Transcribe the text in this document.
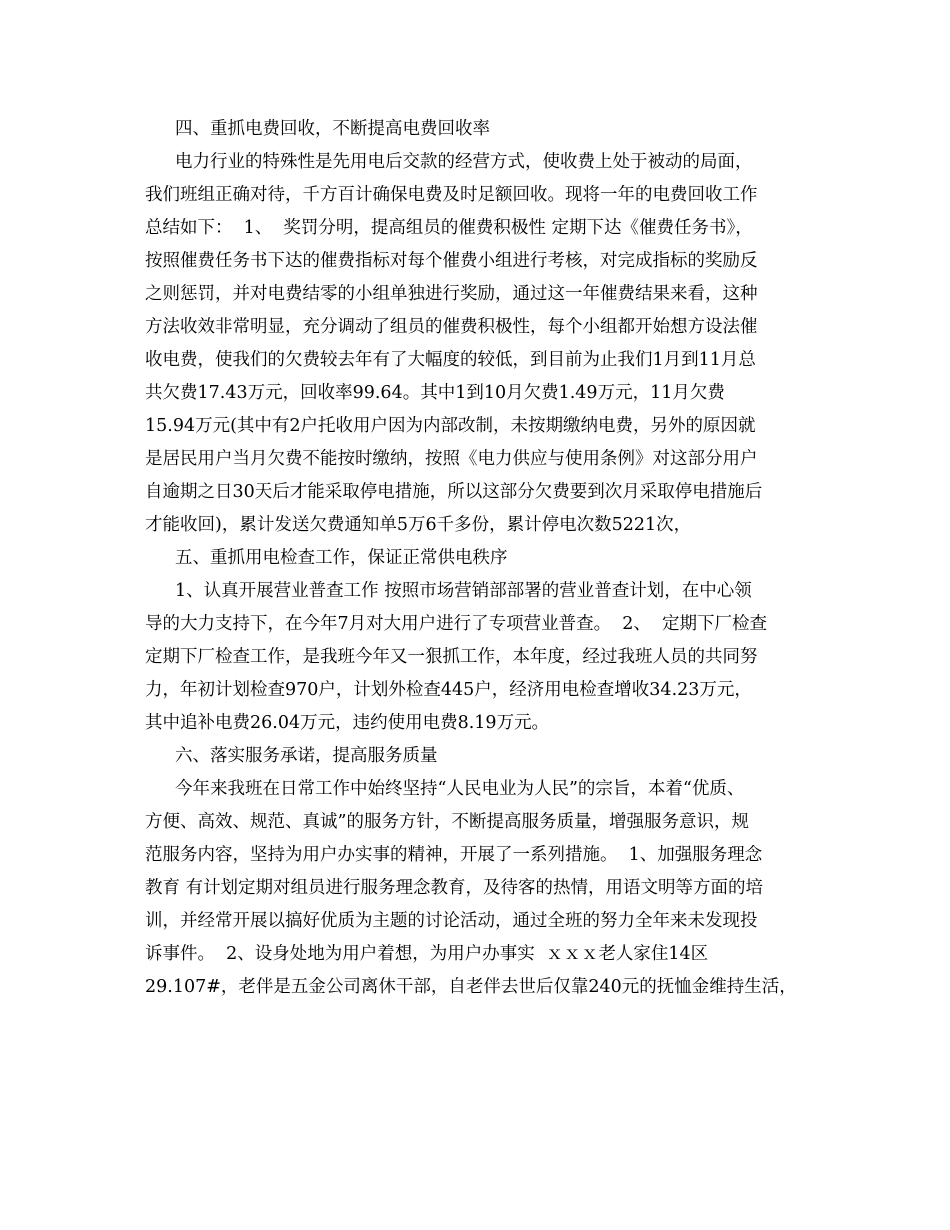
四、重抓电费回收，不断提高电费回收率
电力行业的特殊性是先用电后交款的经营方式，使收费上处于被动的局面，
我们班组正确对待，千方百计确保电费及时足额回收。现将一年的电费回收工作
总结如下：  1、  奖罚分明，提高组员的催费积极性 定期下达《催费任务书》，
按照催费任务书下达的催费指标对每个催费小组进行考核，对完成指标的奖励反
之则惩罚，并对电费结零的小组单独进行奖励，通过这一年催费结果来看，这种
方法收效非常明显，充分调动了组员的催费积极性，每个小组都开始想方设法催
收电费，使我们的欠费较去年有了大幅度的较低，到目前为止我们1月到11月总
共欠费17.43万元，回收率99.64。其中1到10月欠费1.49万元，11月欠费
15.94万元(其中有2户托收用户因为内部改制，未按期缴纳电费，另外的原因就
是居民用户当月欠费不能按时缴纳，按照《电力供应与使用条例》对这部分用户
自逾期之日30天后才能采取停电措施，所以这部分欠费要到次月采取停电措施后
才能收回)，累计发送欠费通知单5万6千多份，累计停电次数5221次，
五、重抓用电检查工作，保证正常供电秩序
1、认真开展营业普查工作 按照市场营销部部署的营业普查计划，在中心领
导的大力支持下，在今年7月对大用户进行了专项营业普查。  2、  定期下厂检查
定期下厂检查工作，是我班今年又一狠抓工作，本年度，经过我班人员的共同努
力，年初计划检查970户，计划外检查445户，经济用电检查增收34.23万元，
其中追补电费26.04万元，违约使用电费8.19万元。
六、落实服务承诺，提高服务质量
今年来我班在日常工作中始终坚持“人民电业为人民”的宗旨，本着“优质、
方便、高效、规范、真诚”的服务方针，不断提高服务质量，增强服务意识，规
范服务内容，坚持为用户办实事的精神，开展了一系列措施。  1、加强服务理念
教育 有计划定期对组员进行服务理念教育，及待客的热情，用语文明等方面的培
训，并经常开展以搞好优质为主题的讨论活动，通过全班的努力全年来未发现投
诉事件。  2、设身处地为用户着想，为用户办事实  ｘｘｘ老人家住14区
29.107#，老伴是五金公司离休干部，自老伴去世后仅靠240元的抚恤金维持生活，
